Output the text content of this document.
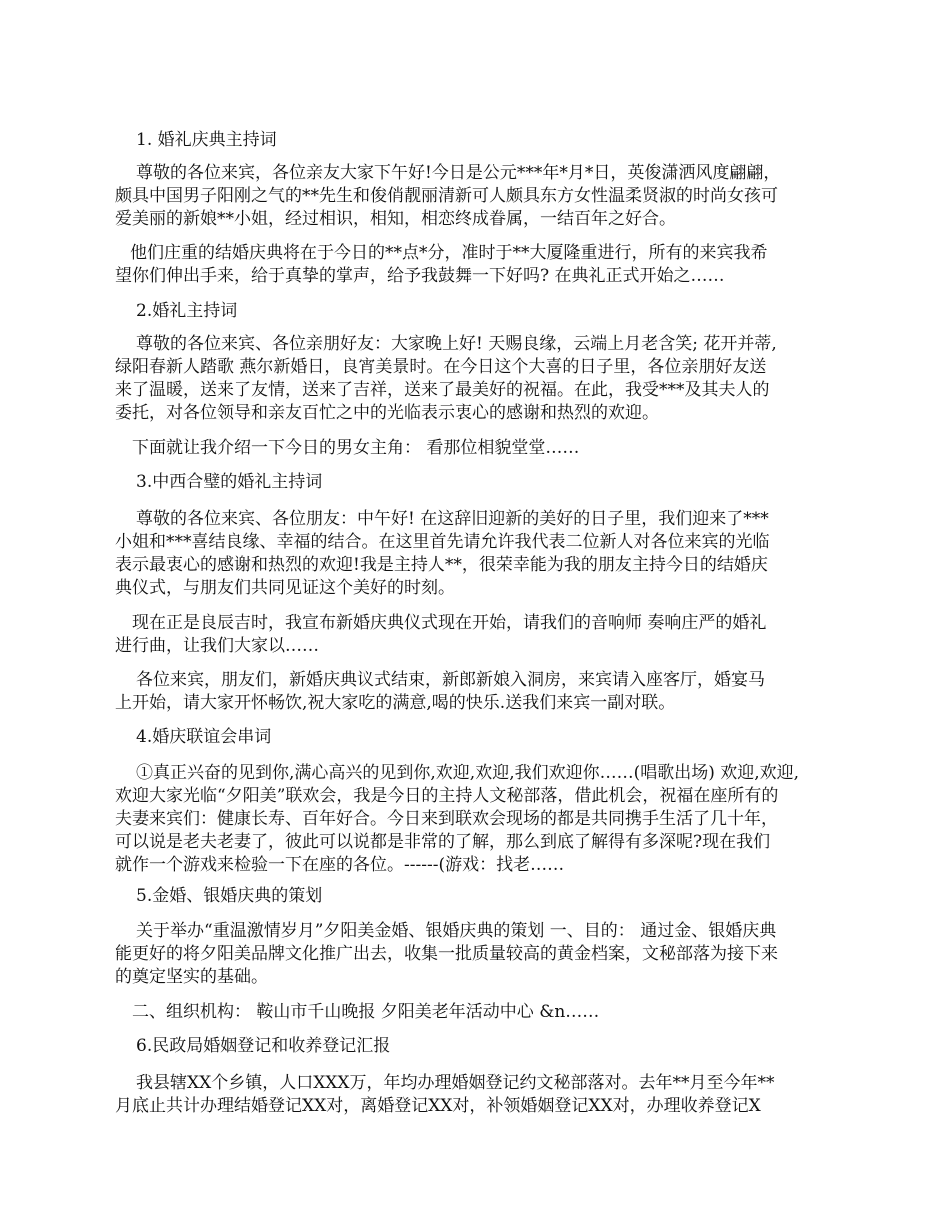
1. 婚礼庆典主持词
尊敬的各位来宾，各位亲友大家下午好!今日是公元***年*月*日，英俊潇洒风度翩翩，
颇具中国男子阳刚之气的**先生和俊俏靓丽清新可人颇具东方女性温柔贤淑的时尚女孩可
爱美丽的新娘**小姐，经过相识，相知，相恋终成眷属，一结百年之好合。
他们庄重的结婚庆典将在于今日的**点*分，准时于**大厦隆重进行，所有的来宾我希
望你们伸出手来，给于真挚的掌声，给予我鼓舞一下好吗? 在典礼正式开始之……
2.婚礼主持词
尊敬的各位来宾、各位亲朋好友：大家晚上好! 天赐良缘，云端上月老含笑; 花开并蒂,
绿阳春新人踏歌 燕尔新婚日，良宵美景时。在今日这个大喜的日子里，各位亲朋好友送
来了温暖，送来了友情，送来了吉祥，送来了最美好的祝福。在此，我受***及其夫人的
委托，对各位领导和亲友百忙之中的光临表示衷心的感谢和热烈的欢迎。
下面就让我介绍一下今日的男女主角： 看那位相貌堂堂……
3.中西合璧的婚礼主持词
尊敬的各位来宾、各位朋友：中午好! 在这辞旧迎新的美好的日子里，我们迎来了***
小姐和***喜结良缘、幸福的结合。在这里首先请允许我代表二位新人对各位来宾的光临
表示最衷心的感谢和热烈的欢迎!我是主持人**，很荣幸能为我的朋友主持今日的结婚庆
典仪式，与朋友们共同见证这个美好的时刻。
现在正是良辰吉时，我宣布新婚庆典仪式现在开始，请我们的音响师 奏响庄严的婚礼
进行曲，让我们大家以……
各位来宾，朋友们，新婚庆典议式结束，新郎新娘入洞房，来宾请入座客厅，婚宴马
上开始，请大家开怀畅饮,祝大家吃的满意,喝的快乐.送我们来宾一副对联。
4.婚庆联谊会串词
①真正兴奋的见到你,满心高兴的见到你,欢迎,欢迎,我们欢迎你……(唱歌出场) 欢迎,欢迎,
欢迎大家光临“夕阳美”联欢会，我是今日的主持人文秘部落，借此机会，祝福在座所有的
夫妻来宾们：健康长寿、百年好合。今日来到联欢会现场的都是共同携手生活了几十年，
可以说是老夫老妻了，彼此可以说都是非常的了解，那么到底了解得有多深呢?现在我们
就作一个游戏来检验一下在座的各位。------(游戏：找老……
5.金婚、银婚庆典的策划
关于举办“重温激情岁月”夕阳美金婚、银婚庆典的策划 一、目的： 通过金、银婚庆典
能更好的将夕阳美品牌文化推广出去，收集一批质量较高的黄金档案，文秘部落为接下来
的奠定坚实的基础。
二、组织机构： 鞍山市千山晚报 夕阳美老年活动中心 &n……
6.民政局婚姻登记和收养登记汇报
我县辖XX个乡镇，人口XXX万，年均办理婚姻登记约文秘部落对。去年**月至今年**
月底止共计办理结婚登记XX对，离婚登记XX对，补领婚姻登记XX对，办理收养登记X
